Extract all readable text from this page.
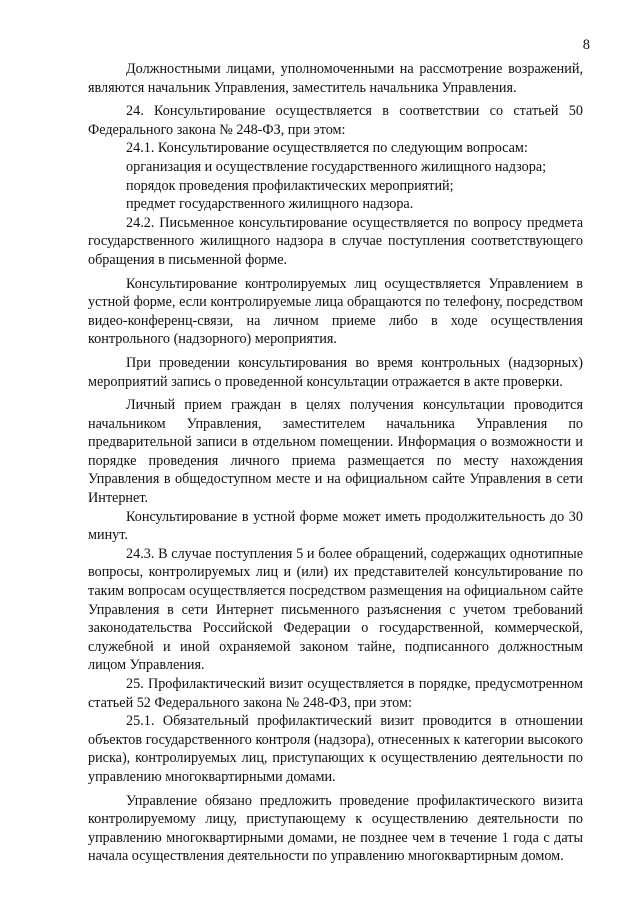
8

Должностными лицами, уполномоченными на рассмотрение возражений, являются начальник Управления, заместитель начальника Управления.

24. Консультирование осуществляется в соответствии со статьей 50 Федерального закона № 248-ФЗ, при этом:

24.1. Консультирование осуществляется по следующим вопросам:

организация и осуществление государственного жилищного надзора;

порядок проведения профилактических мероприятий;

предмет государственного жилищного надзора.

24.2. Письменное консультирование осуществляется по вопросу предмета государственного жилищного надзора в случае поступления соответствующего обращения в письменной форме.

Консультирование контролируемых лиц осуществляется Управлением в устной форме, если контролируемые лица обращаются по телефону, посредством видео-конференц-связи, на личном приеме либо в ходе осуществления контрольного (надзорного) мероприятия.

При проведении консультирования во время контрольных (надзорных) мероприятий запись о проведенной консультации отражается в акте проверки.

Личный прием граждан в целях получения консультации проводится начальником Управления, заместителем начальника Управления по предварительной записи в отдельном помещении. Информация о возможности и порядке проведения личного приема размещается по месту нахождения Управления в общедоступном месте и на официальном сайте Управления в сети Интернет.

Консультирование в устной форме может иметь продолжительность до 30 минут.

24.3. В случае поступления 5 и более обращений, содержащих однотипные вопросы, контролируемых лиц и (или) их представителей консультирование по таким вопросам осуществляется посредством размещения на официальном сайте Управления в сети Интернет письменного разъяснения с учетом требований законодательства Российской Федерации о государственной, коммерческой, служебной и иной охраняемой законом тайне, подписанного должностным лицом Управления.

25. Профилактический визит осуществляется в порядке, предусмотренном статьей 52 Федерального закона № 248-ФЗ, при этом:

25.1. Обязательный профилактический визит проводится в отношении объектов государственного контроля (надзора), отнесенных к категории высокого риска), контролируемых лиц, приступающих к осуществлению деятельности по управлению многоквартирными домами.

Управление обязано предложить проведение профилактического визита контролируемому лицу, приступающему к осуществлению деятельности по управлению многоквартирными домами, не позднее чем в течение 1 года с даты начала осуществления деятельности по управлению многоквартирным домом.
